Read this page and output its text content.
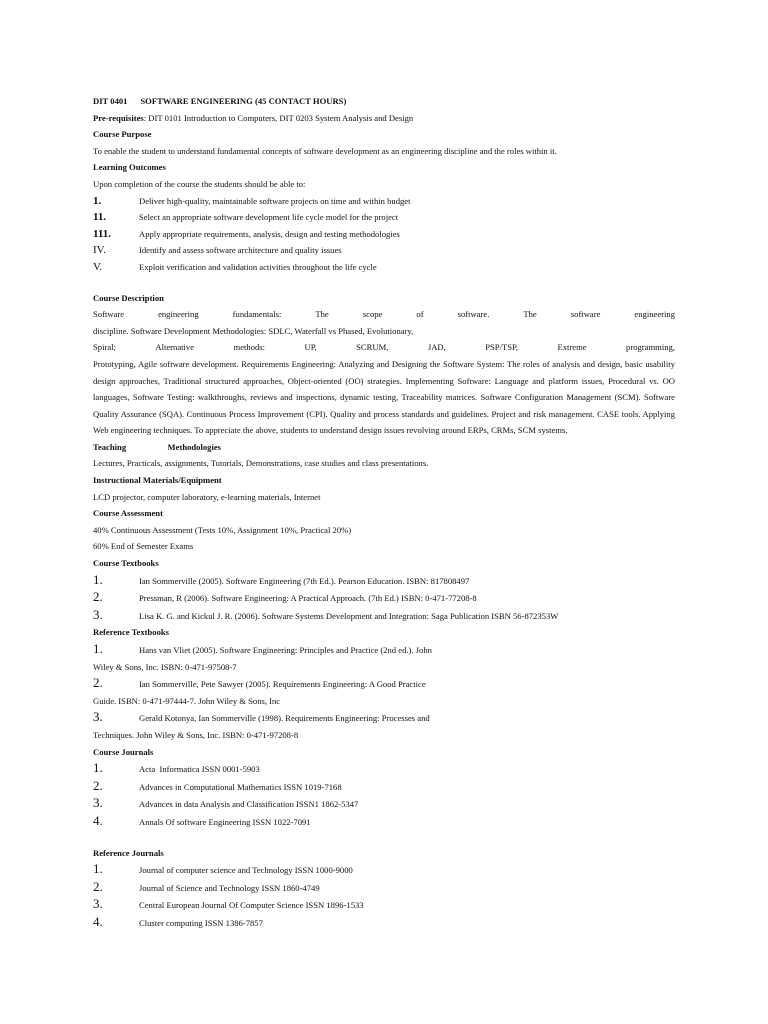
DIT 0401 SOFTWARE ENGINEERING (45 CONTACT HOURS)
Pre-requisites: DIT 0101 Introduction to Computers, DIT 0203 System Analysis and Design
Course Purpose
To enable the student to understand fundamental concepts of software development as an engineering discipline and the roles within it.
Learning Outcomes
Upon completion of the course the students should be able to:
1.	Deliver high-quality, maintainable software projects on time and within budget
11.	Select an appropriate software development life cycle model for the project
111.	Apply appropriate requirements, analysis, design and testing methodologies
IV.	Identify and assess software architecture and quality issues
V.	Exploit verification and validation activities throughout the life cycle
Course Description
Software	engineering	fundamentals:	The	scope	of	software.	The	software	engineering
discipline. Software Development Methodologies: SDLC, Waterfall vs Phased, Evolutionary,
Spiral;	Alternative	methods:	UP,	SCRUM,	JAD,	PSP/TSP,	Extreme	programming,
Prototyping, Agile software development. Requirements Engineering: Analyzing and Designing the Software System: The roles of analysis and design, basic usability design approaches, Traditional structured approaches, Object-oriented (OO) strategies. Implementing Software: Language and platform issues, Procedural vs. OO languages, Software Testing: walkthroughs, reviews and inspections, dynamic testing, Traceability matrices. Software Configuration Management (SCM). Software Quality Assurance (SQA). Continuous Process Improvement (CPI). Quality and process standards and guidelines. Project and risk management. CASE tools. Applying Web engineering techniques. To appreciate the above, students to understand design issues revolving around ERPs, CRMs, SCM systems.
Teaching	Methodologies
Lectures, Practicals, assignments, Tutorials, Demonstrations, case studies and class presentations.
Instructional Materials/Equipment
LCD projector, computer laboratory, e-learning materials, Internet
Course Assessment
40% Continuous Assessment (Tests 10%, Assignment 10%, Practical 20%)
60% End of Semester Exams
Course Textbooks
1.	Ian Sommerville (2005). Software Engineering (7th Ed.). Pearson Education. ISBN: 817808497
2.	Pressman, R (2006). Software Engineering: A Practical Approach. (7th Ed.) ISBN: 0-471-77208-8
3.	Lisa K. G. and Kickul J. R. (2006). Software Systems Development and Integration: Saga Publication ISBN 56-872353W
Reference Textbooks
1.	Hans van Vliet (2005). Software Engineering: Principles and Practice (2nd ed.). John
Wiley & Sons, Inc. ISBN: 0-471-97508-7
2.	Ian Sommerville, Pete Sawyer (2005). Requirements Engineering: A Good Practice
Guide. ISBN: 0-471-97444-7. John Wiley & Sons, Inc
3.	Gerald Kotonya, Ian Sommerville (1998). Requirements Engineering: Processes and
Techniques. John Wiley & Sons, Inc. ISBN: 0-471-97208-8
Course Journals
1.	Acta  Informatica ISSN 0001-5903
2.	Advances in Computational Mathematics ISSN 1019-7168
3.	Advances in data Analysis and Classification ISSN1 1862-5347
4.	Annals Of software Engineering ISSN 1022-7091
Reference Journals
1.	Journal of computer science and Technology ISSN 1000-9000
2.	Journal of Science and Technology ISSN 1860-4749
3.	Central European Journal Of Computer Science ISSN 1896-1533
4.	Cluster computing ISSN 1386-7857
